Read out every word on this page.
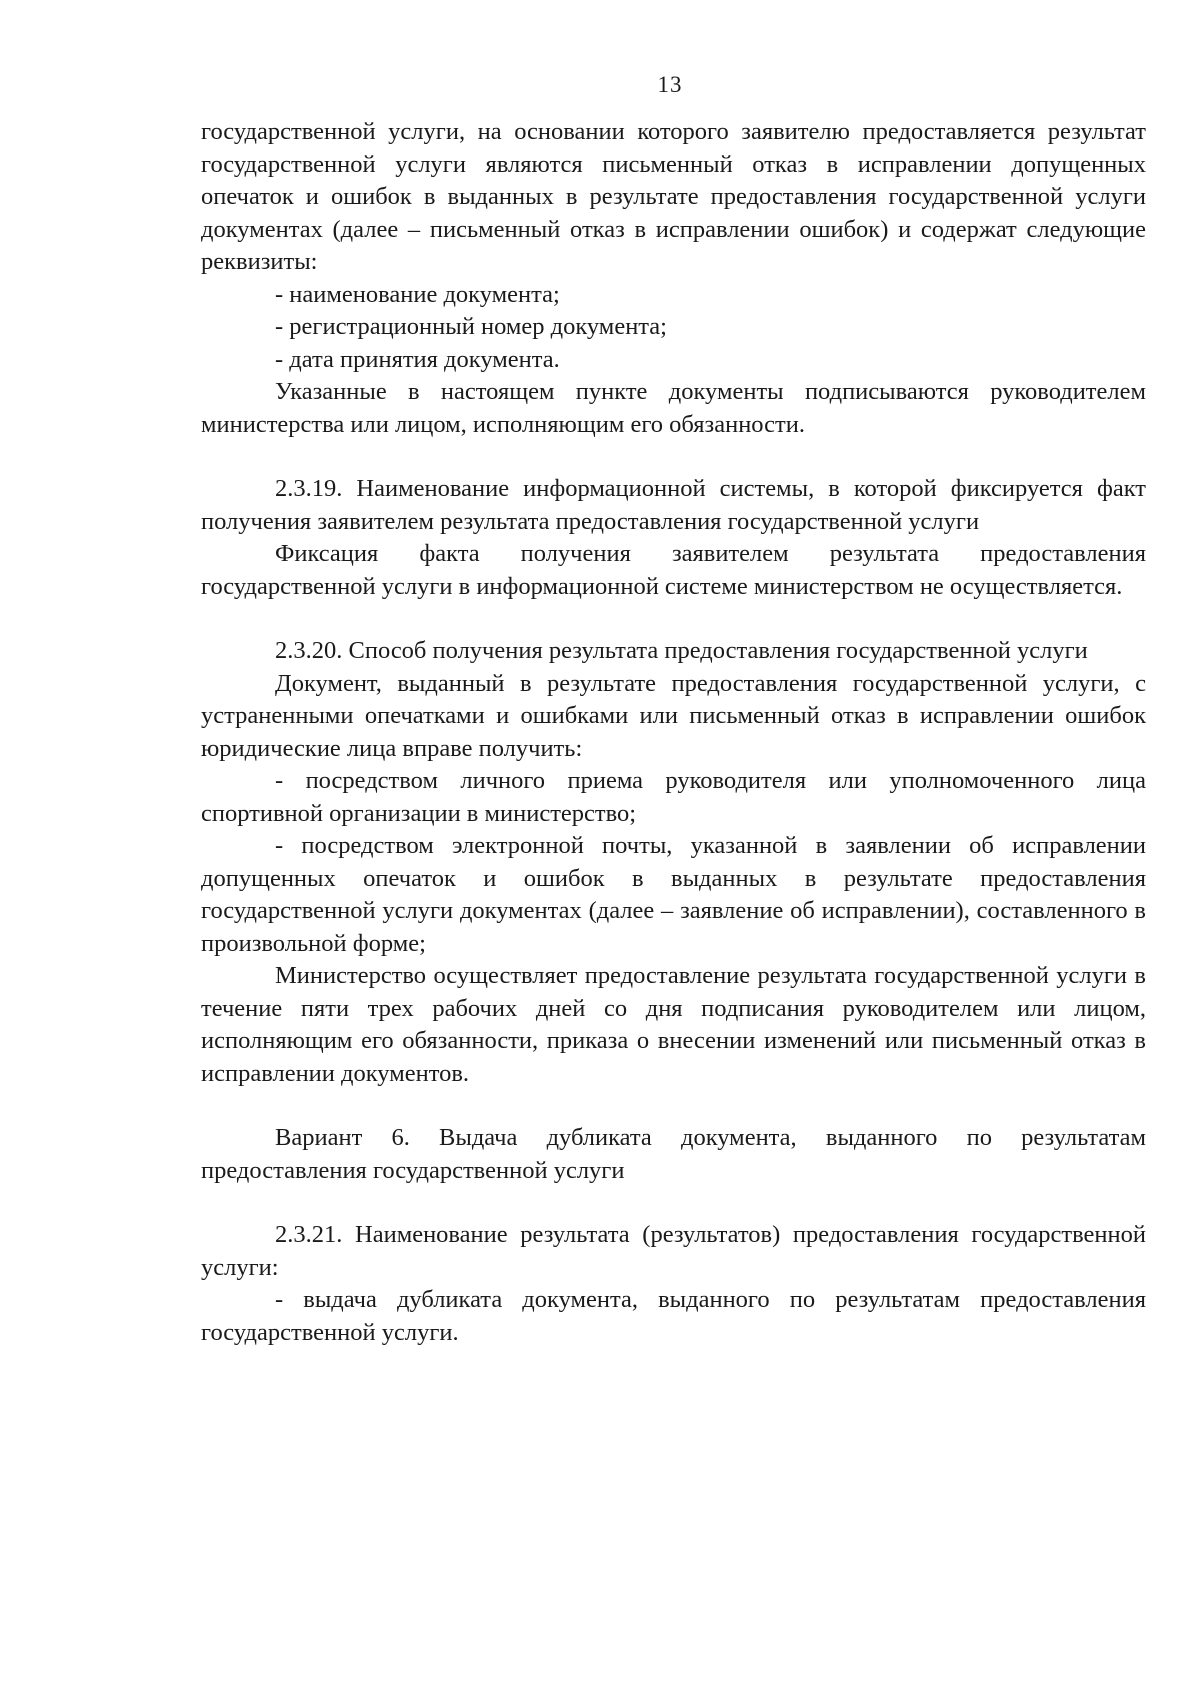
13

государственной услуги, на основании которого заявителю предоставляется результат государственной услуги являются письменный отказ в исправлении допущенных опечаток и ошибок в выданных в результате предоставления государственной услуги документах (далее – письменный отказ в исправлении ошибок) и содержат следующие реквизиты:

- наименование документа;

- регистрационный номер документа;

- дата принятия документа.

Указанные в настоящем пункте документы подписываются руководителем министерства или лицом, исполняющим его обязанности.

2.3.19. Наименование информационной системы, в которой фиксируется факт получения заявителем результата предоставления государственной услуги

Фиксация факта получения заявителем результата предоставления государственной услуги в информационной системе министерством не осуществляется.

2.3.20. Способ получения результата предоставления государственной услуги

Документ, выданный в результате предоставления государственной услуги, с устраненными опечатками и ошибками или письменный отказ в исправлении ошибок юридические лица вправе получить:

- посредством личного приема руководителя или уполномоченного лица спортивной организации в министерство;

- посредством электронной почты, указанной в заявлении об исправлении допущенных опечаток и ошибок в выданных в результате предоставления государственной услуги документах (далее – заявление об исправлении), составленного в произвольной форме;

Министерство осуществляет предоставление результата государственной услуги в течение пяти трех рабочих дней со дня подписания руководителем или лицом, исполняющим его обязанности, приказа о внесении изменений или письменный отказ в исправлении документов.

Вариант 6. Выдача дубликата документа, выданного по результатам предоставления государственной услуги

2.3.21. Наименование результата (результатов) предоставления государственной услуги:

- выдача дубликата документа, выданного по результатам предоставления государственной услуги.
